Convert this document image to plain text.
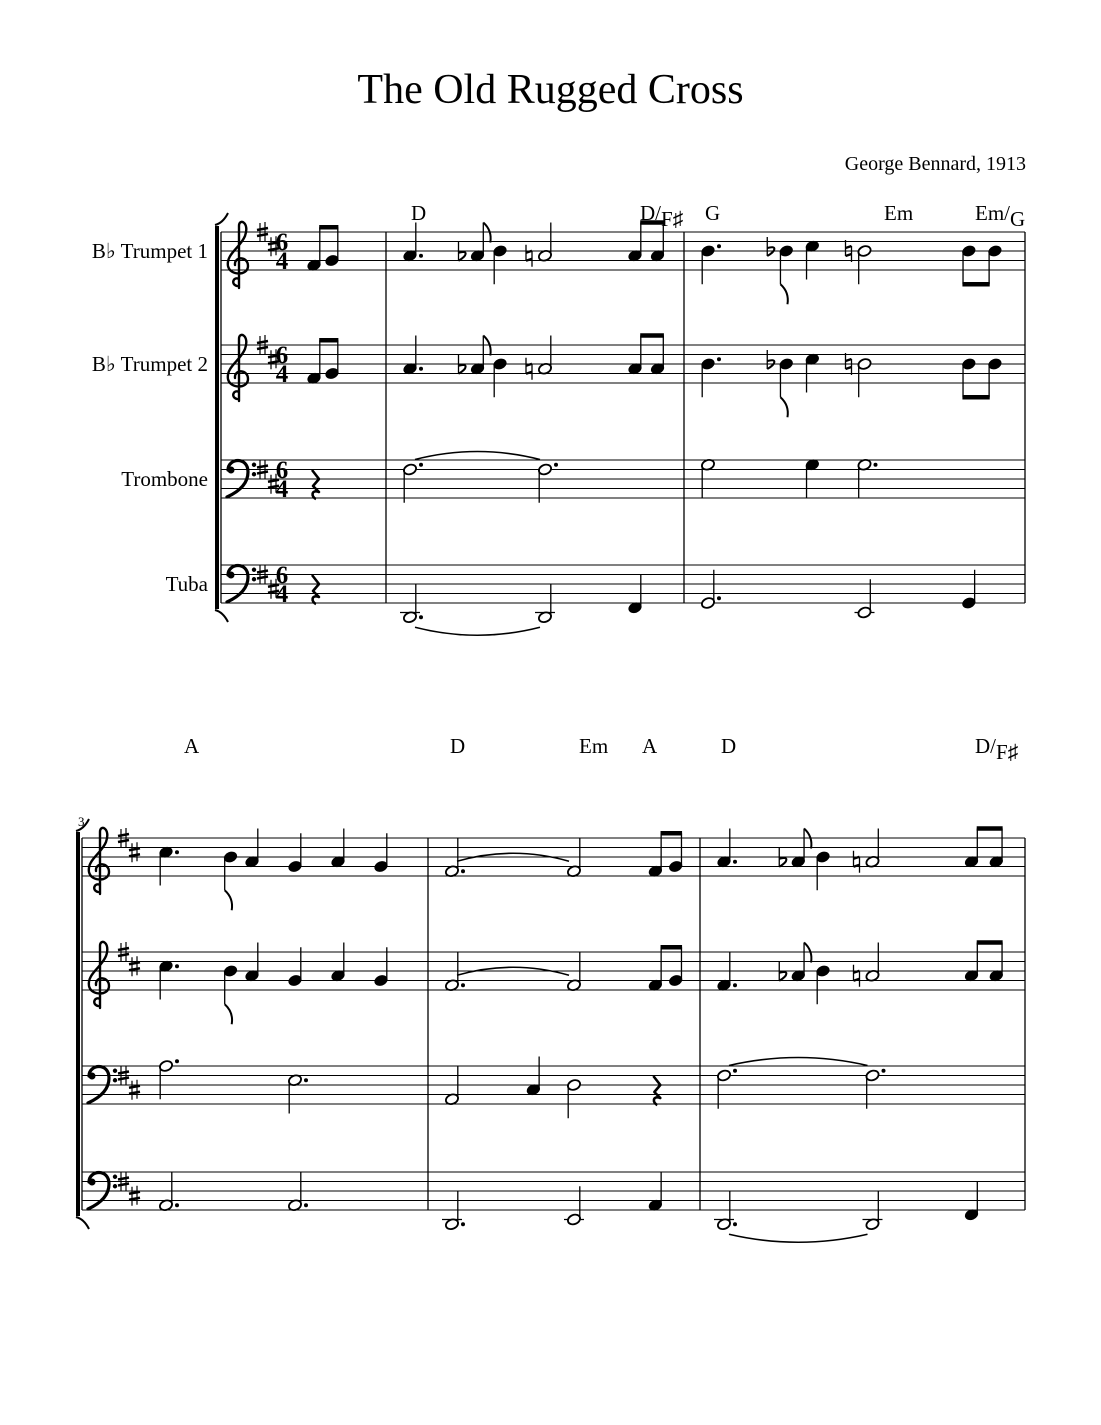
The Old Rugged Cross
George Bennard, 1913
6
4
B♭ Trumpet 1
6
4
B♭ Trumpet 2
6
4
Trombone
6
4
Tuba
D	D/F♯ G	Em	Em/G
3
A	D	Em A	D	D/F♯
